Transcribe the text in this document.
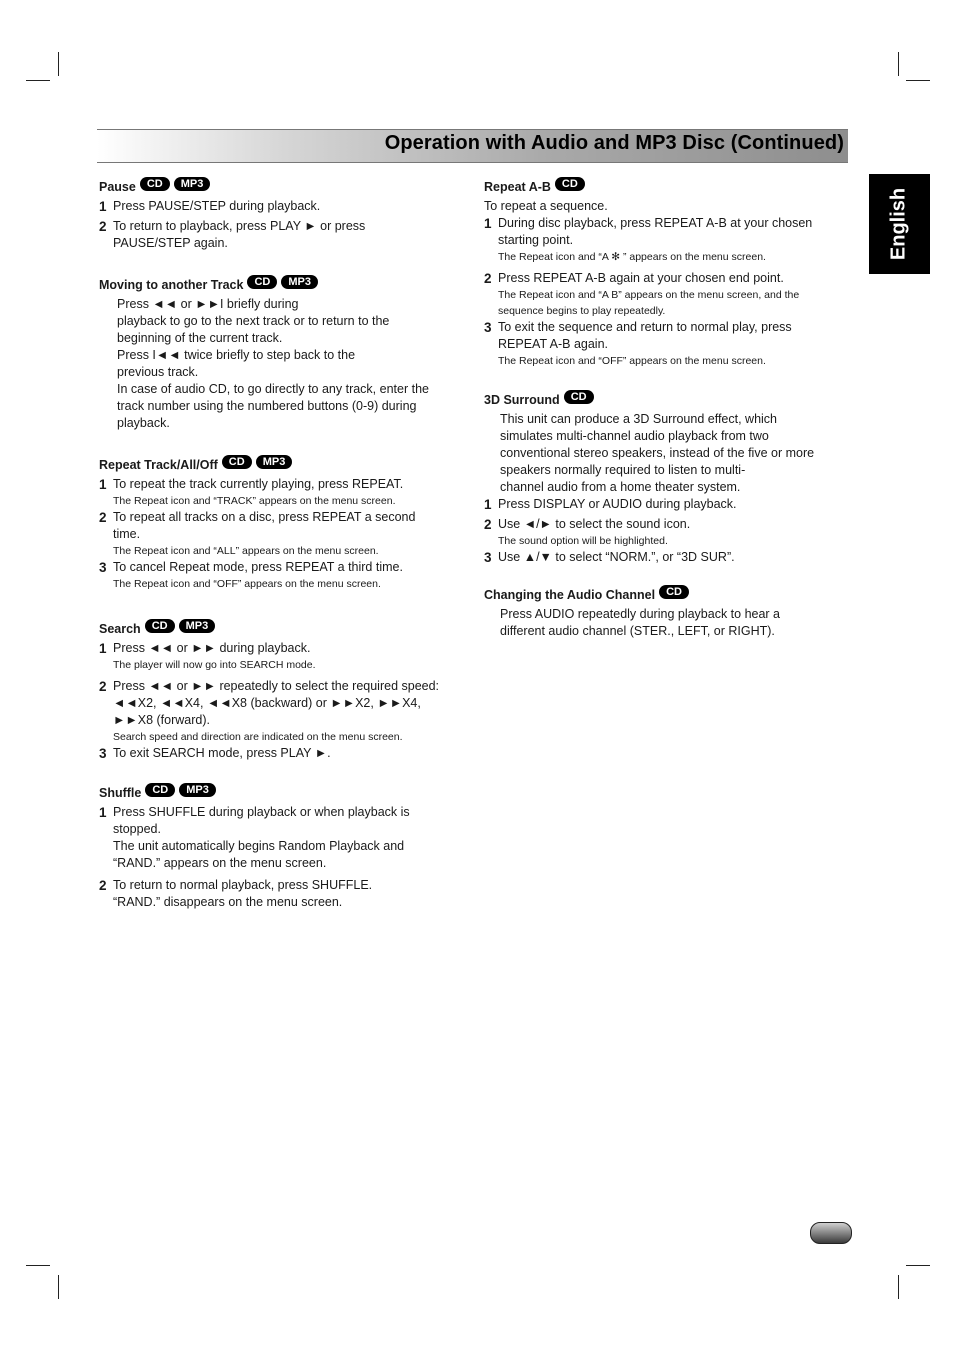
Operation with Audio and MP3 Disc (Continued)
English
Pause	CD	MP3
1 Press PAUSE/STEP during playback.

2 To return to playback, press PLAY ► or press

PAUSE/STEP again.

Moving to another Track	CD	MP3

Press ◄◄ or ►►I briefly during

playback to go to the next track or to return to the

beginning of the current track.

Press I◄◄ twice briefly to step back to the

previous track.

In case of audio CD, to go directly to any track, enter the

track number using the numbered buttons (0-9) during

playback.

Repeat Track/All/Off	CD	MP3
1 To repeat the track currently playing, press REPEAT.

The Repeat icon and “TRACK” appears on the menu screen.

2 To repeat all tracks on a disc, press REPEAT a second

time.

The Repeat icon and “ALL” appears on the menu screen.

3 To cancel Repeat mode, press REPEAT a third time.

The Repeat icon and “OFF” appears on the menu screen.

Search	CD	MP3
1 Press ◄◄ or ►► during playback.

The player will now go into SEARCH mode.

2 Press ◄◄ or ►► repeatedly to select the required speed:

◄◄X2, ◄◄X4, ◄◄X8 (backward) or ►►X2, ►►X4,

►►X8 (forward).

Search speed and direction are indicated on the menu screen.

3 To exit SEARCH mode, press PLAY ►.

Shuffle	CD	MP3
1 Press SHUFFLE during playback or when playback is

stopped.

The unit automatically begins Random Playback and

“RAND.” appears on the menu screen.

2 To return to normal playback, press SHUFFLE.

“RAND.” disappears on the menu screen.

Repeat A-B	CD

To repeat a sequence.

1 During disc playback, press REPEAT A-B at your chosen

starting point.

The Repeat icon and “A ✻ ” appears on the menu screen.

2 Press REPEAT A-B again at your chosen end point.

The Repeat icon and “A B” appears on the menu screen, and the

sequence begins to play repeatedly.

3 To exit the sequence and return to normal play, press

REPEAT A-B again.

The Repeat icon and “OFF” appears on the menu screen.

3D Surround	CD

This unit can produce a 3D Surround effect, which

simulates multi-channel audio playback from two

conventional stereo speakers, instead of the five or more

speakers normally required to listen to multi-

channel audio from a home theater system.

1 Press DISPLAY or AUDIO during playback.

2 Use ◄/► to select the sound icon.

The sound option will be highlighted.

3 Use ▲/▼ to select “NORM.”, or “3D SUR”.

Changing the Audio Channel	CD

Press AUDIO repeatedly during playback to hear a

different audio channel (STER., LEFT, or RIGHT).
